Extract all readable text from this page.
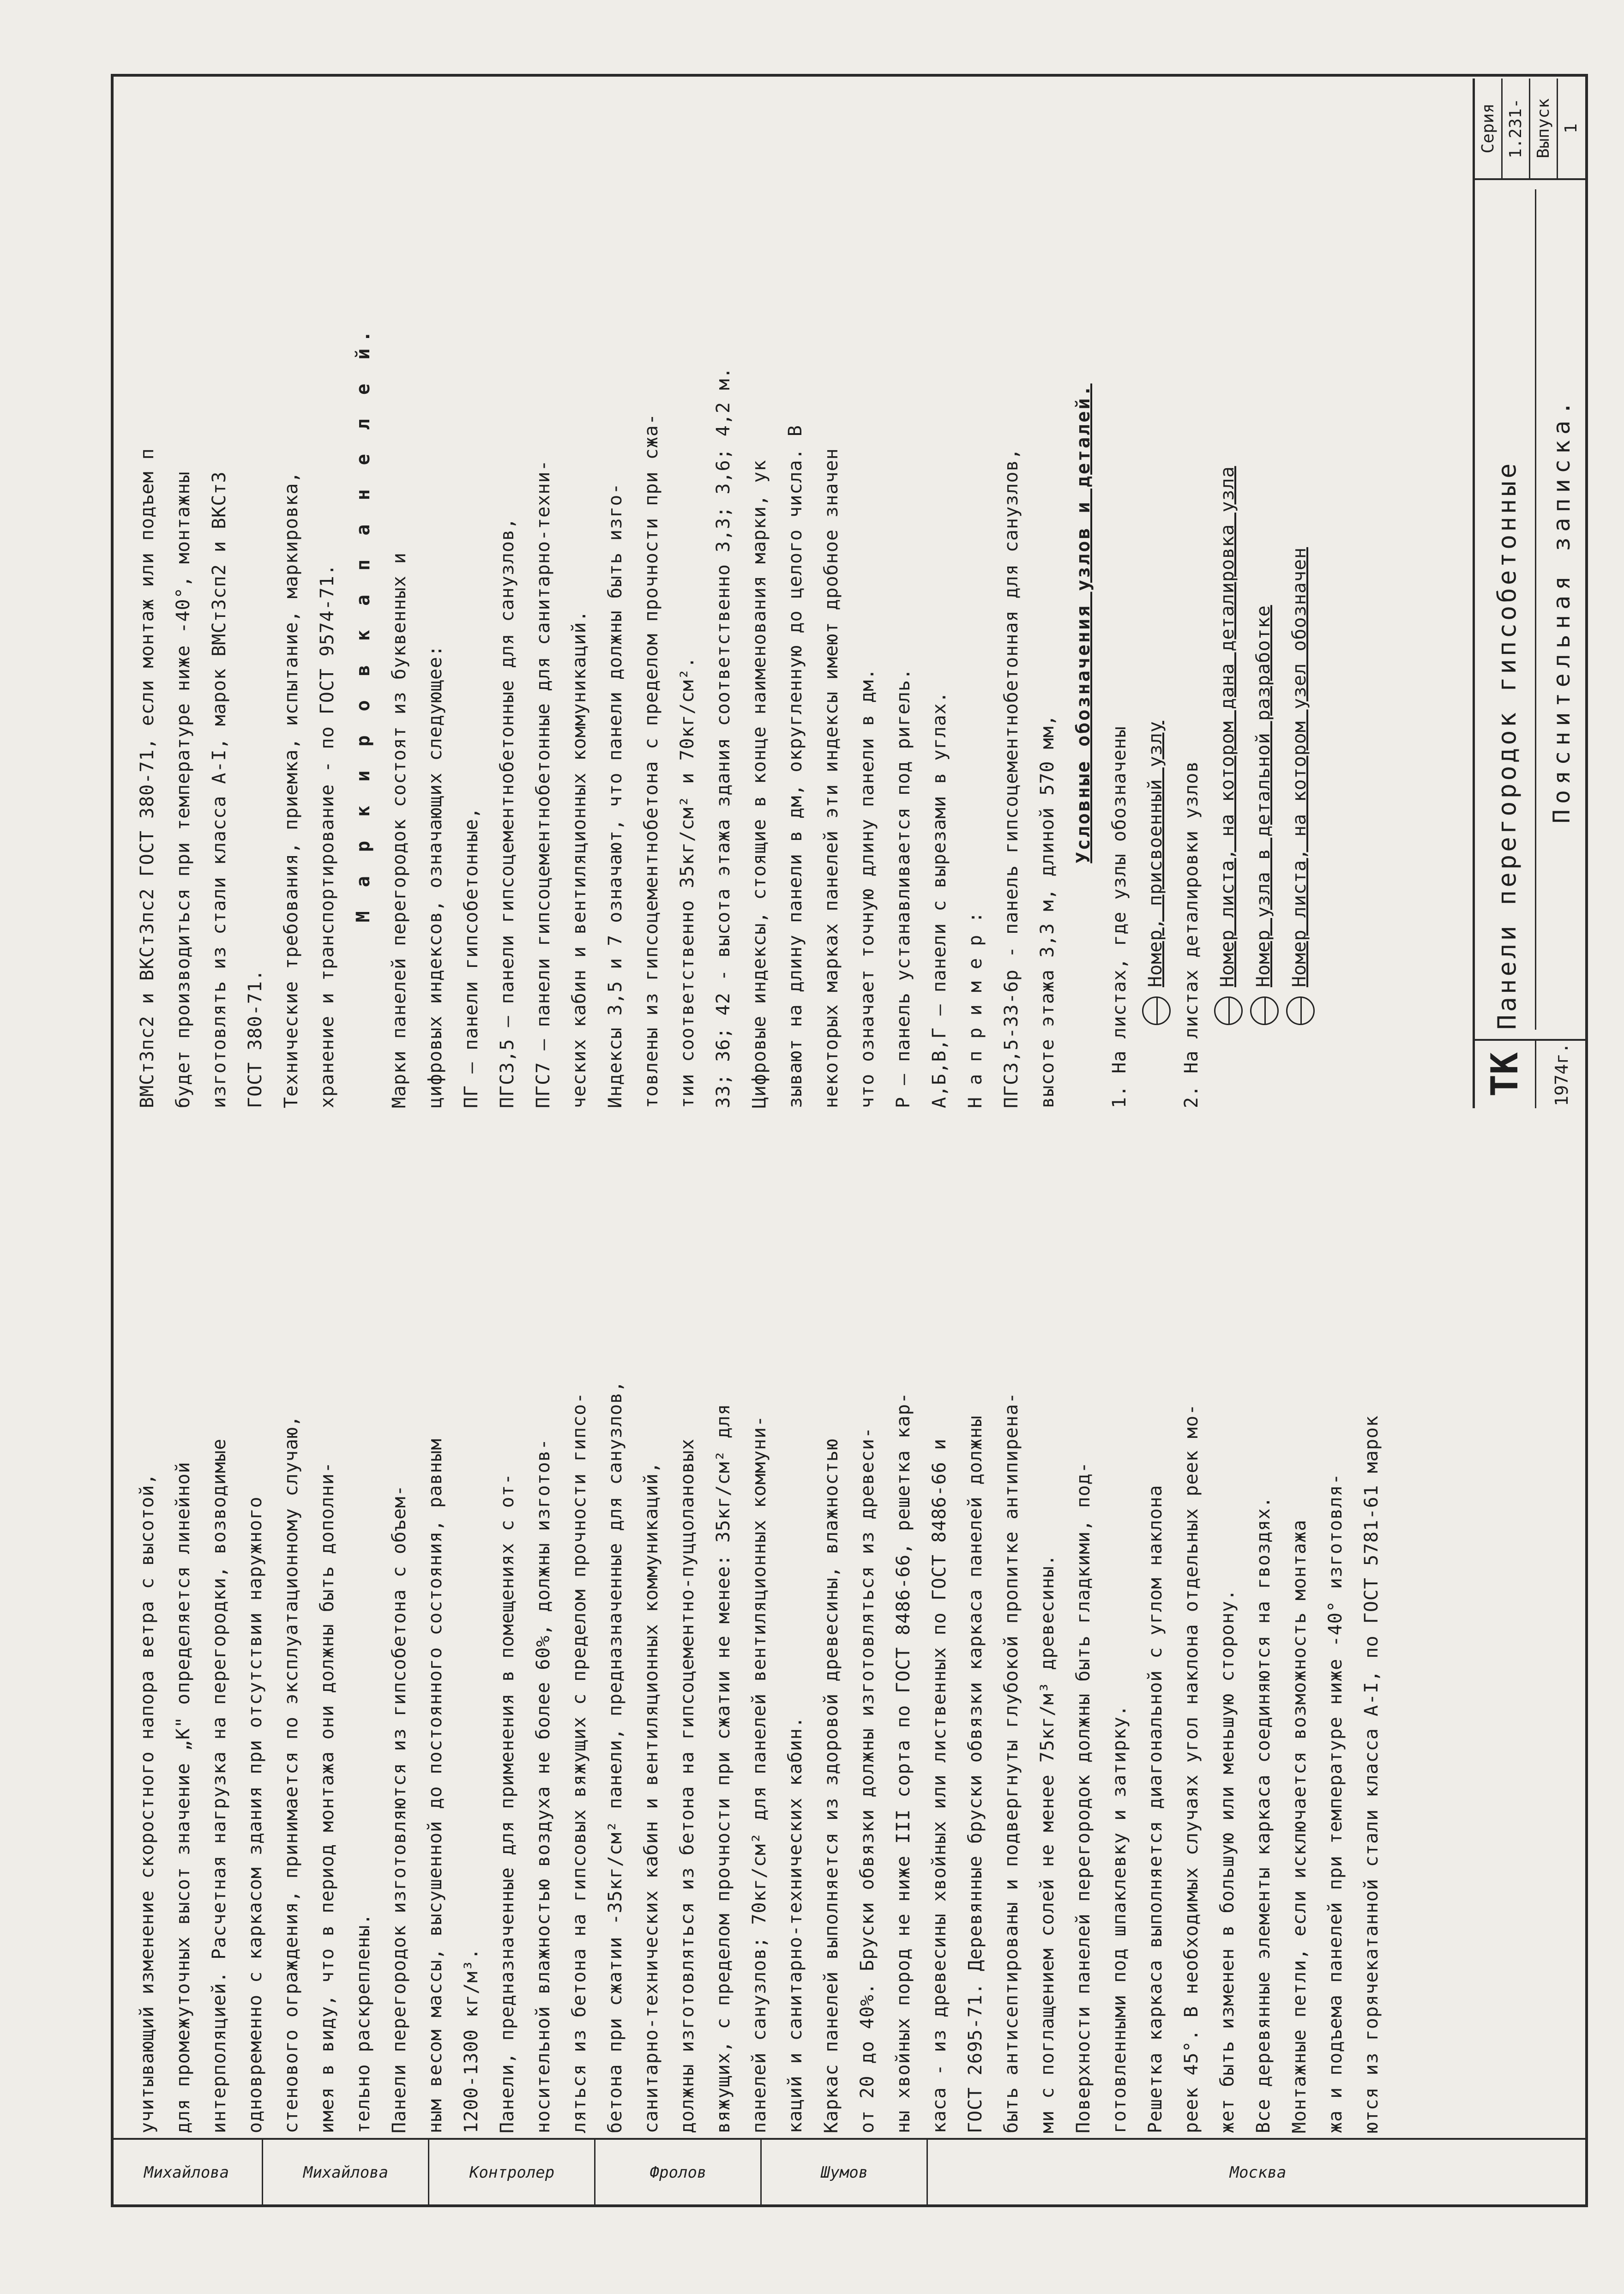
Михайлова	Михайлова	Контролер	Фролов	Шумов	Москва
учитывающий изменение скоростного напора ветра с высотой, для промежуточных высот значение „К" определяется линейной интерполяцией. Расчетная нагрузка на перегородки, возводимые одновременно с каркасом здания при отсутствии наружного стенового ограждения, принимается по эксплуатационному случаю, имея в виду, что в период монтажа они должны быть дополни- тельно раскреплены. Панели перегородок изготовляются из гипсобетона с объем- ным весом массы, высушенной до постоянного состояния, равным 1200-1300 кг/м³. Панели, предназначенные для применения в помещениях с от- носительной влажностью воздуха не более 60%, должны изготов- ляться из бетона на гипсовых вяжущих с пределом прочности гипсо- бетона при сжатии -35кг/см² панели, предназначенные для санузлов, санитарно-технических кабин и вентиляционных коммуникаций, должны изготовляться из бетона на гипсоцементно-пуццолановых вяжущих, с пределом прочности при сжатии не менее: 35кг/см² для панелей санузлов; 70кг/см² для панелей вентиляционных коммуни- каций и санитарно-технических кабин. Каркас панелей выполняется из здоровой древесины, влажностью от 20 до 40%. Бруски обвязки должны изготовляться из древеси- ны хвойных пород не ниже III сорта по ГОСТ 8486-66, решетка кар- каса - из древесины хвойных или лиственных по ГОСТ 8486-66 и ГОСТ 2695-71. Деревянные бруски обвязки каркаса панелей должны быть антисептированы и подвергнуты глубокой пропитке антипирена- ми с поглащением солей не менее 75кг/м³ древесины. Поверхности панелей перегородок должны быть гладкими, под- готовленными под шпаклевку и затирку. Решетка каркаса выполняется диагональной с углом наклона реек 45°. В необходимых случаях угол наклона отдельных реек мо- жет быть изменен в большую или меньшую сторону. Все деревянные элементы каркаса соединяются на гвоздях. Монтажные петли, если исключается возможность монтажа жа и подъема панелей при температуре ниже -40° изготовля- ются из горячекатанной стали класса А-I, по ГОСТ 5781-61 марок
ВМСт3пс2 и ВКСт3пс2 ГОСТ 380-71, если монтаж или подъем п будет производиться при температуре ниже -40°, монтажны изготовлять из стали класса А-I, марок ВМСт3сп2 и ВКСт3 ГОСТ 380-71. Технические требования, приемка, испытание, маркировка, хранение и транспортирование - по ГОСТ 9574-71. М а р к и р о в к а п а н е л е й. Марки панелей перегородок состоят из буквенных и цифровых индексов, означающих следующее: ПГ — панели гипсобетонные, ПГС3,5 — панели гипсоцементнобетонные для санузлов, ПГС7 — панели гипсоцементнобетонные для санитарно-техни- ческих кабин и вентиляционных коммуникаций. Индексы 3,5 и 7 означают, что панели должны быть изго- товлены из гипсоцементнобетона с пределом прочности при сжа- тии соответственно 35кг/см² и 70кг/см². 33; 36; 42 - высота этажа здания соответственно 3,3; 3,6; 4,2 м. Цифровые индексы, стоящие в конце наименования марки, ук зывают на длину панели в дм, округленную до целого числа. В некоторых марках панелей эти индексы имеют дробное значен что означает точную длину панели в дм. Р — панель устанавливается под ригель. А,Б,В,Г — панели с вырезами в углах. Н а п р и м е р : ПГС3,5-33-6р - панель гипсоцементнобетонная для санузлов, высоте этажа 3,3 м, длиной 570 мм,
Условные обозначения узлов и деталей.
1. На листах, где узлы обозначены Номер, присвоенный узлу 2. На листах деталировки узлов Номер листа, на котором дана деталировка узла Номер узла в детальной разработке Номер листа, на котором узел обозначен
ТК	1974г.
Панели перегородок гипсобетонные	Пояснительная записка.
Серия 1.231- Выпуск 1
